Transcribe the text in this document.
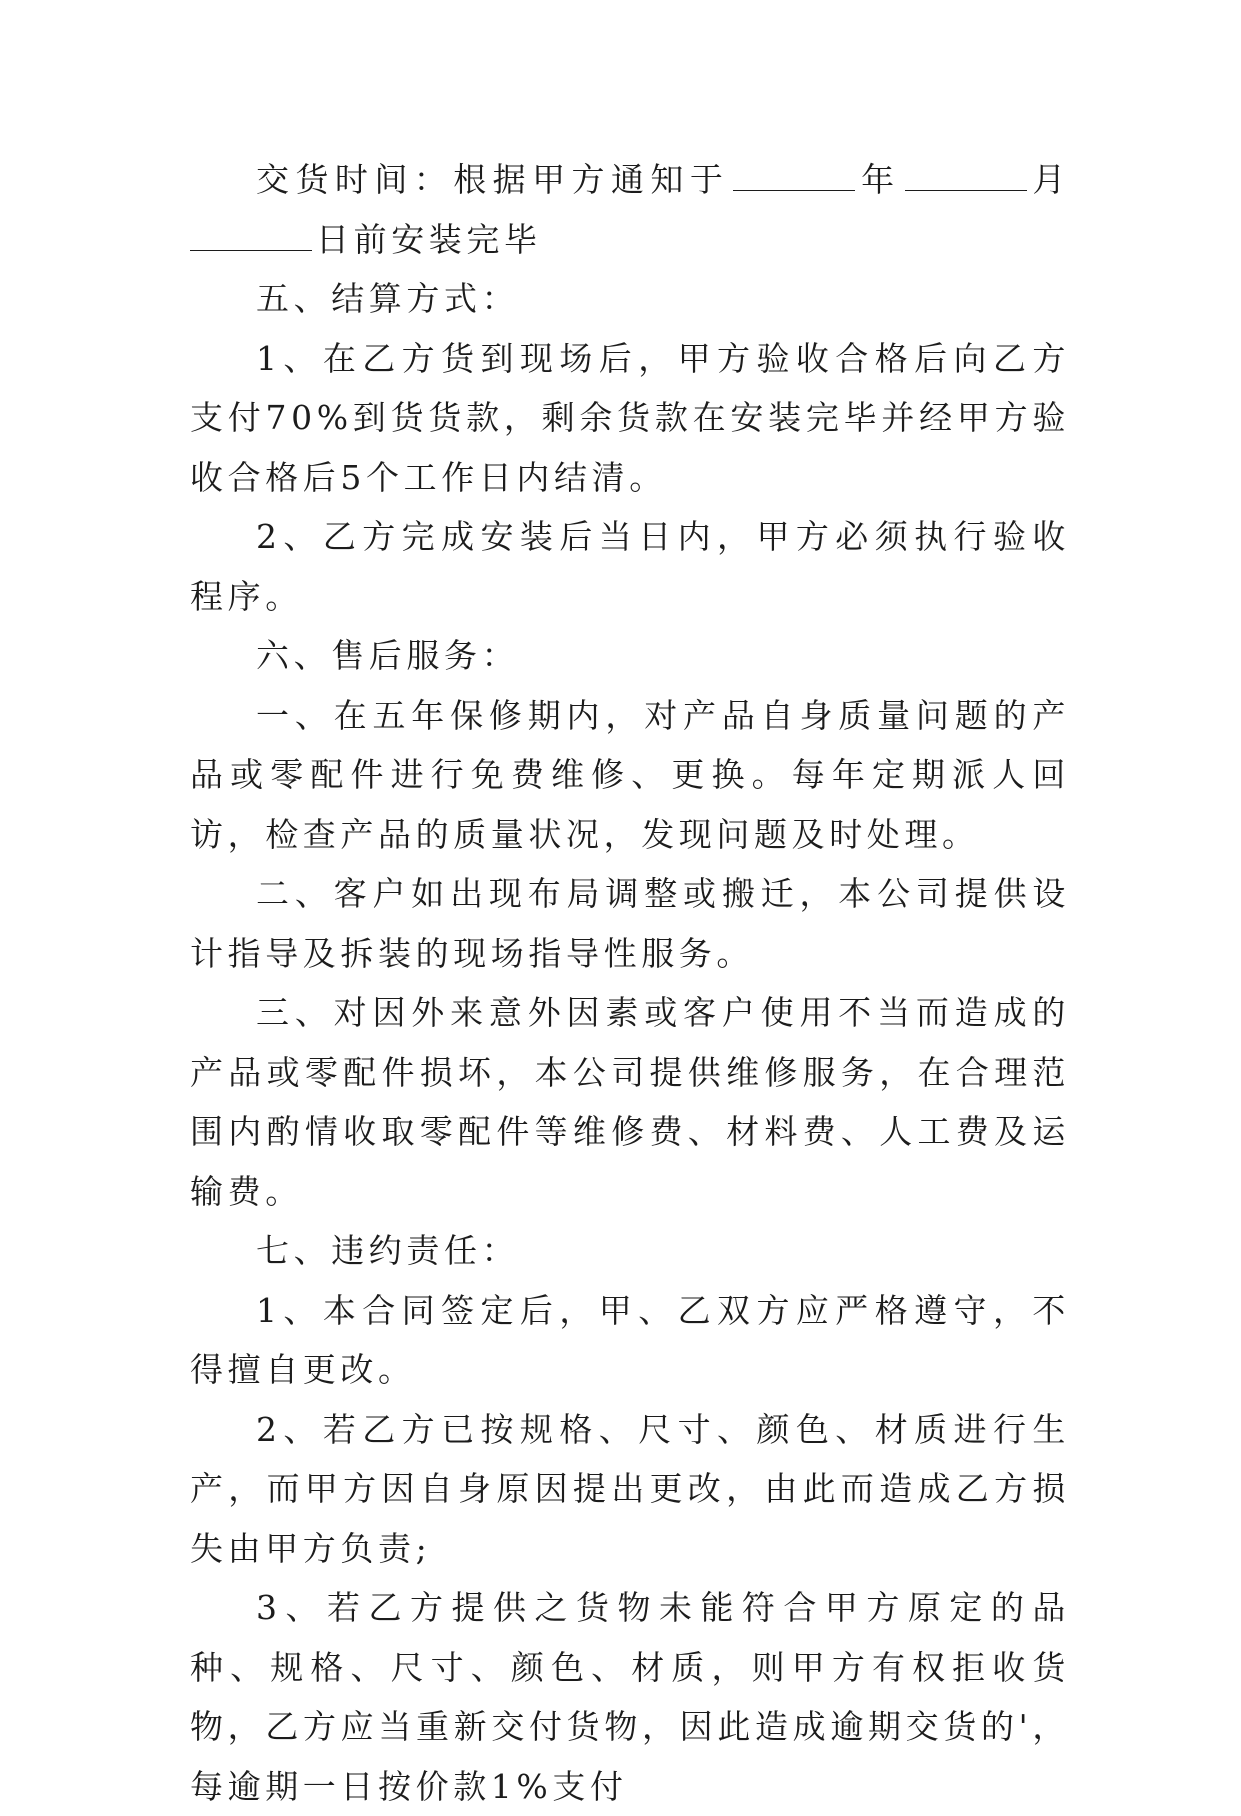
交货时间：根据甲方通知于	年	月日前安装完毕

五、结算方式：

1、在乙方货到现场后，甲方验收合格后向乙方支付70%到货货款，剩余货款在安装完毕并经甲方验收合格后5个工作日内结清。

2、乙方完成安装后当日内，甲方必须执行验收程序。

六、售后服务：

一、在五年保修期内，对产品自身质量问题的产品或零配件进行免费维修、更换。每年定期派人回访，检查产品的质量状况，发现问题及时处理。

二、客户如出现布局调整或搬迁，本公司提供设计指导及拆装的现场指导性服务。

三、对因外来意外因素或客户使用不当而造成的产品或零配件损坏，本公司提供维修服务，在合理范围内酌情收取零配件等维修费、材料费、人工费及运输费。

七、违约责任：

1、本合同签定后，甲、乙双方应严格遵守，不得擅自更改。

2、若乙方已按规格、尺寸、颜色、材质进行生产，而甲方因自身原因提出更改，由此而造成乙方损失由甲方负责;

3、若乙方提供之货物未能符合甲方原定的品种、规格、尺寸、颜色、材质，则甲方有权拒收货物，乙方应当重新交付货物，因此造成逾期交货的'，每逾期一日按价款1%支付
